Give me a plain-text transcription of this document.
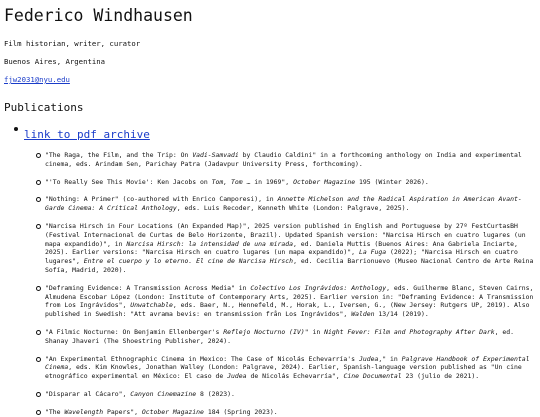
Federico Windhausen
Film historian, writer, curator
Buenos Aires, Argentina
fjw2031@nyu.edu
Publications
link to pdf archive
"The Raga, the Film, and the Trip: On Vadi-Samvadi by Claudio Caldini" in a forthcoming anthology on India and experimental cinema, eds. Arindam Sen, Parichay Patra (Jadavpur University Press, forthcoming).
"'To Really See This Movie': Ken Jacobs on Tom, Tom … in 1969", October Magazine 195 (Winter 2026).
"Nothing: A Primer" (co-authored with Enrico Camporesi), in Annette Michelson and the Radical Aspiration in American Avant-Garde Cinema: A Critical Anthology, eds. Luis Recoder, Kenneth White (London: Palgrave, 2025).
"Narcisa Hirsch in Four Locations (An Expanded Map)", 2025 version published in English and Portuguese by 27º FestCurtasBH (Festival Internacional de Curtas de Belo Horizonte, Brazil). Updated Spanish version: "Narcisa Hirsch en cuatro lugares (un mapa expandido)", in Narcisa Hirsch: la intensidad de una mirada, ed. Daniela Muttis (Buenos Aires: Ana Gabriela Inciarte, 2025). Earlier versions: "Narcisa Hirsch en cuatro lugares (un mapa expandido)", La Fuga (2022); "Narcisa Hirsch en cuatro lugares", Entre el cuerpo y lo eterno. El cine de Narcisa Hirsch, ed. Cecilia Barrionuevo (Museo Nacional Centro de Arte Reina Sofía, Madrid, 2020).
"Deframing Evidence: A Transmission Across Media" in Colectivo Los Ingrávidos: Anthology, eds. Guilherme Blanc, Steven Cairns, Almudena Escobar López (London: Institute of Contemporary Arts, 2025). Earlier version in: "Deframing Evidence: A Transmission from Los Ingrávidos", Unwatchable, eds. Baer, N., Hennefeld, M., Horak, L., Iversen, G., (New Jersey: Rutgers UP, 2019). Also published in Swedish: "Att avrama bevis: en transmission från Los Ingrávidos", Walden 13/14 (2019).
"A Filmic Nocturne: On Benjamin Ellenberger's Reflejo Nocturno (IV)" in Night Fever: Film and Photography After Dark, ed. Shanay Jhaveri (The Shoestring Publisher, 2024).
"An Experimental Ethnographic Cinema in Mexico: The Case of Nicolás Echevarría's Judea," in Palgrave Handbook of Experimental Cinema, eds. Kim Knowles, Jonathan Walley (London: Palgrave, 2024). Earlier, Spanish-language version published as "Un cine etnográfico experimental en México: El caso de Judea de Nicolás Echevarría", Cine Documental 23 (julio de 2021).
"Disparar al Cácaro", Canyon Cinemazine 8 (2023).
"The Wavelength Papers", October Magazine 184 (Spring 2023).
